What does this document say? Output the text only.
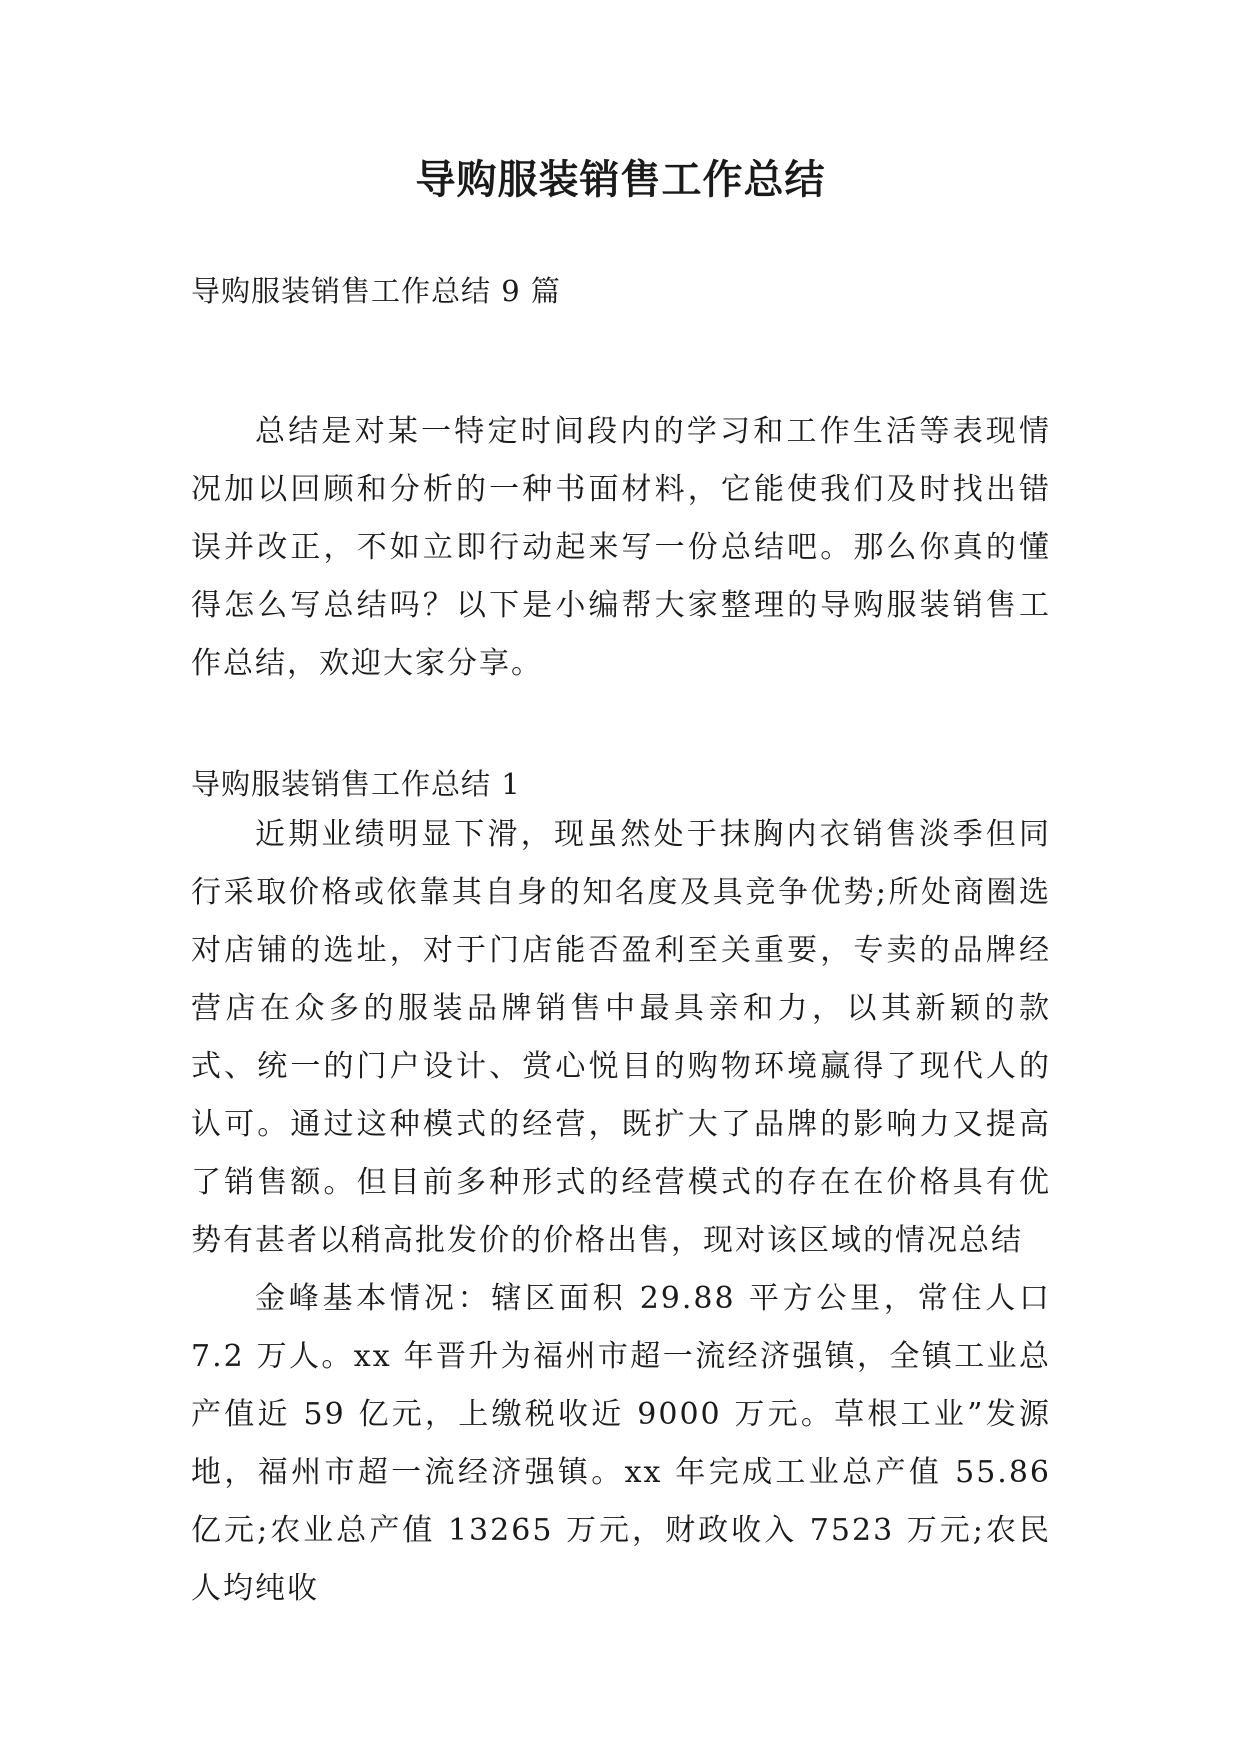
导购服装销售工作总结

导购服装销售工作总结 9 篇

总结是对某一特定时间段内的学习和工作生活等表现情况加以回顾和分析的一种书面材料，它能使我们及时找出错误并改正，不如立即行动起来写一份总结吧。那么你真的懂得怎么写总结吗？以下是小编帮大家整理的导购服装销售工作总结，欢迎大家分享。

导购服装销售工作总结 1

近期业绩明显下滑，现虽然处于抹胸内衣销售淡季但同行采取价格或依靠其自身的知名度及具竞争优势;所处商圈选对店铺的选址，对于门店能否盈利至关重要，专卖的品牌经营店在众多的服装品牌销售中最具亲和力，以其新颖的款式、统一的门户设计、赏心悦目的购物环境赢得了现代人的认可。通过这种模式的经营，既扩大了品牌的影响力又提高了销售额。但目前多种形式的经营模式的存在在价格具有优势有甚者以稍高批发价的价格出售，现对该区域的情况总结

金峰基本情况：辖区面积 29.88 平方公里，常住人口 7.2 万人。xx 年晋升为福州市超一流经济强镇，全镇工业总产值近 59 亿元，上缴税收近 9000 万元。草根工业”发源地，福州市超一流经济强镇。xx 年完成工业总产值 55.86 亿元;农业总产值 13265 万元，财政收入 7523 万元;农民人均纯收
